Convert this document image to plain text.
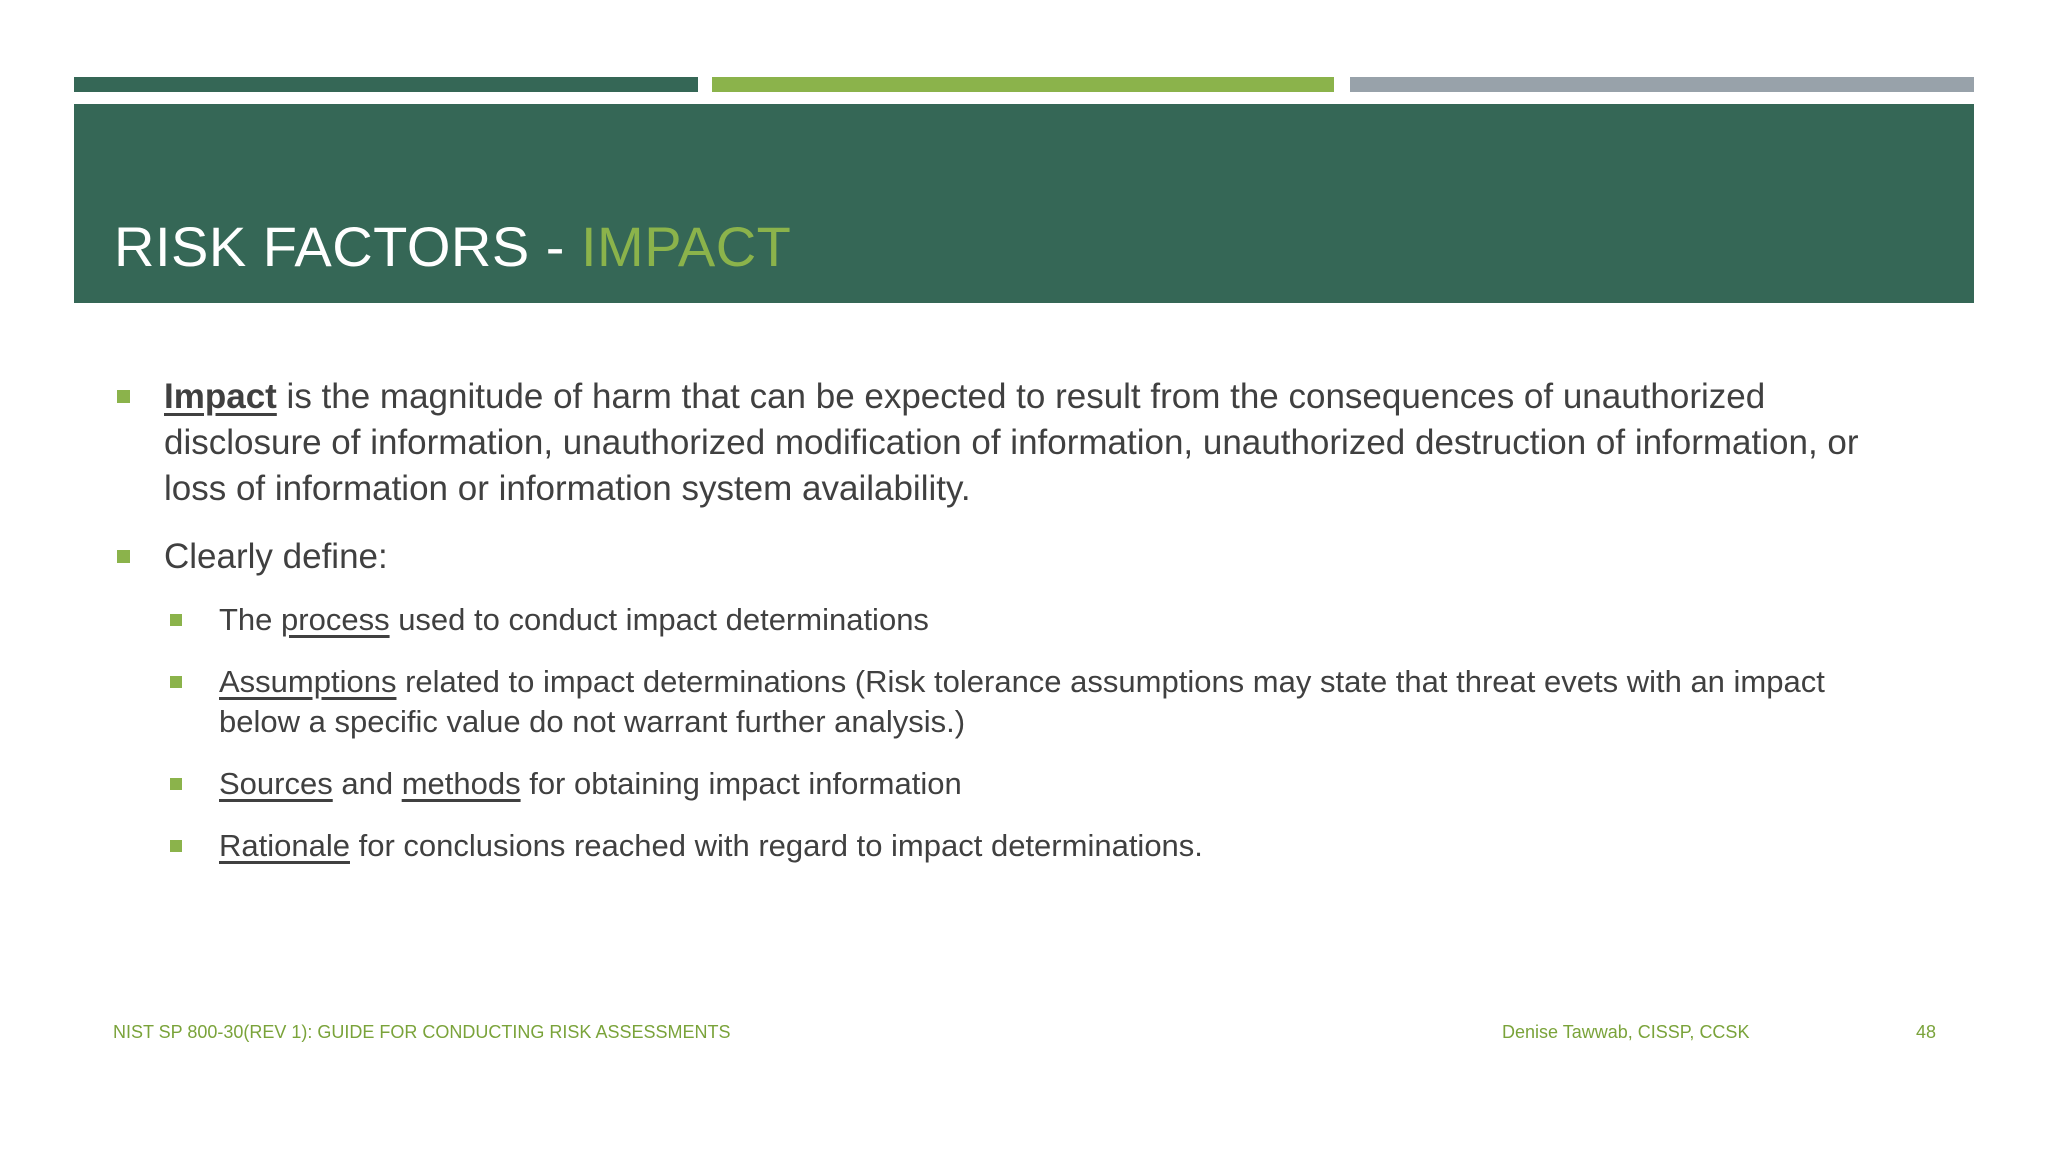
RISK FACTORS - IMPACT
Impact is the magnitude of harm that can be expected to result from the consequences of unauthorized disclosure of information, unauthorized modification of information, unauthorized destruction of information, or loss of information or information system availability.
Clearly define:
The process used to conduct impact determinations
Assumptions related to impact determinations (Risk tolerance assumptions may state that threat evets with an impact below a specific value do not warrant further analysis.)
Sources and methods for obtaining impact information
Rationale for conclusions reached with regard to impact determinations.
NIST SP 800-30(REV 1): GUIDE FOR CONDUCTING RISK ASSESSMENTS	Denise Tawwab, CISSP, CCSK	48
